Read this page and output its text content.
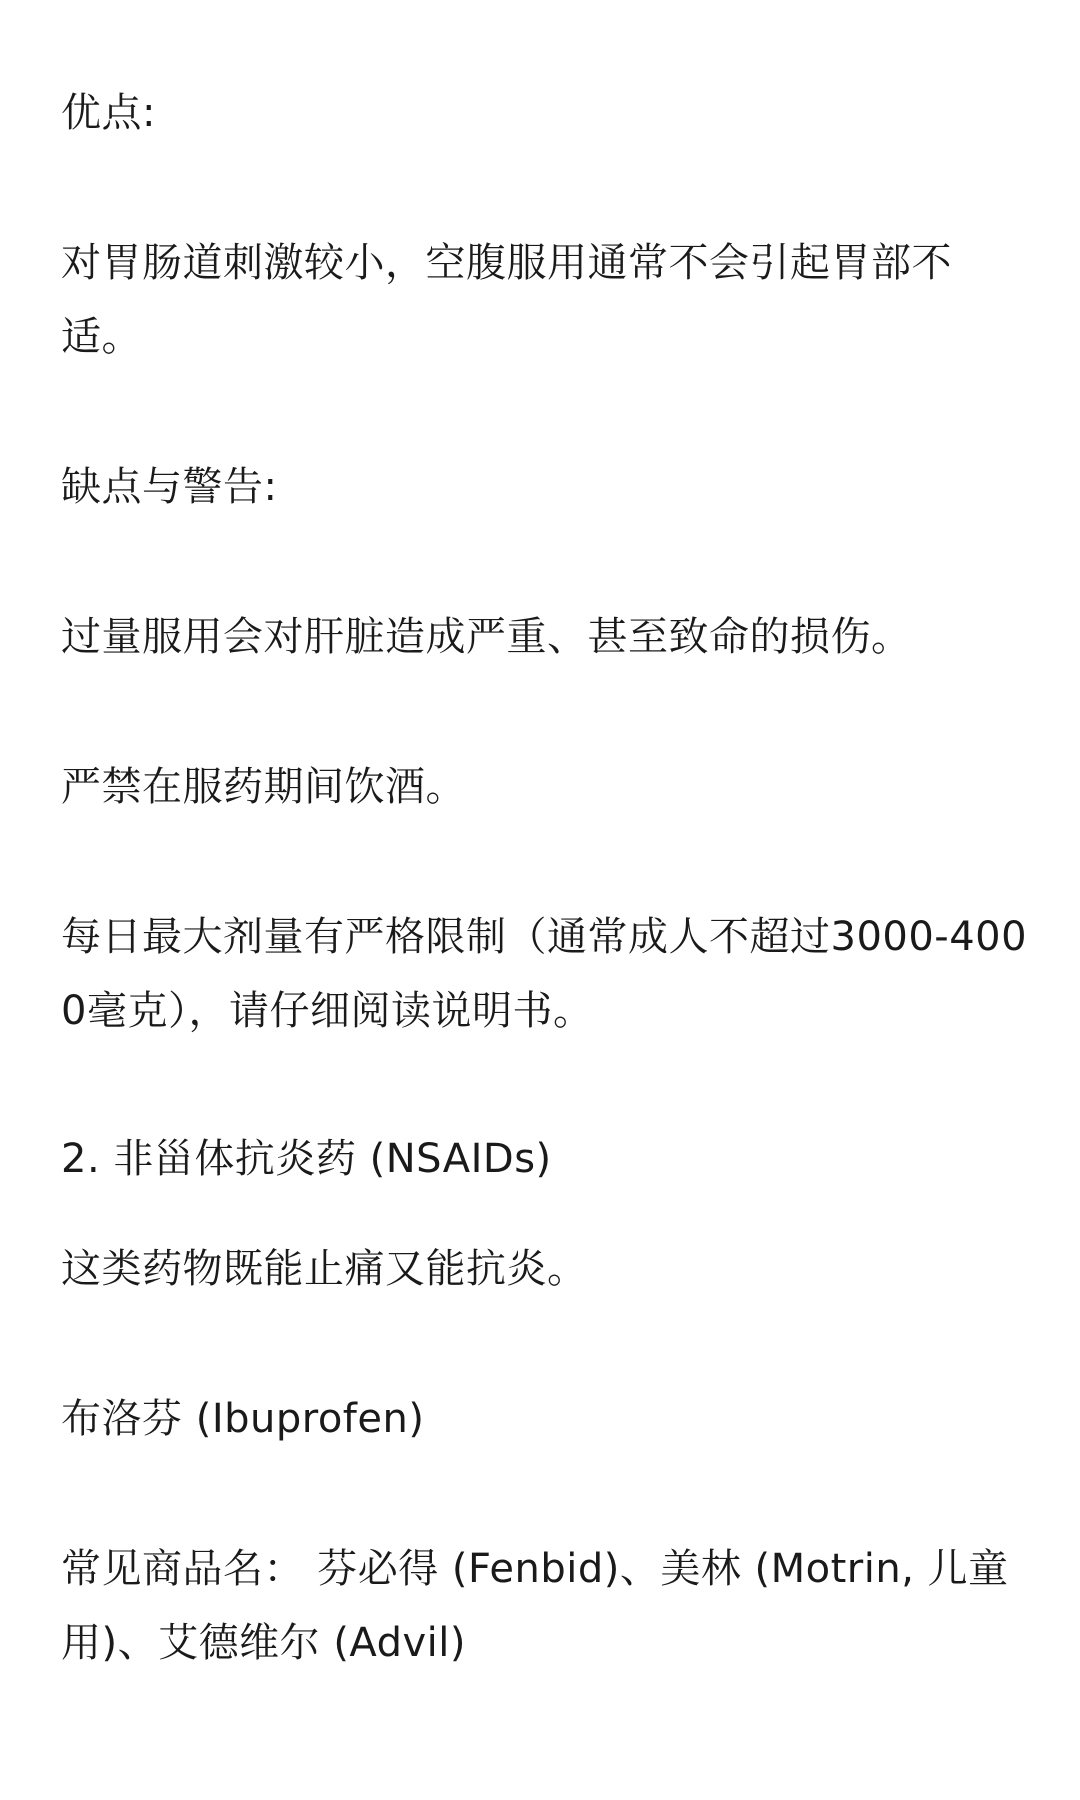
优点:
对胃肠道刺激较小，空腹服用通常不会引起胃部不适。
缺点与警告:
过量服用会对肝脏造成严重、甚至致命的损伤。
严禁在服药期间饮酒。
每日最大剂量有严格限制（通常成人不超过3000-4000毫克），请仔细阅读说明书。
2. 非甾体抗炎药 (NSAIDs)
这类药物既能止痛又能抗炎。
布洛芬 (Ibuprofen)
常见商品名： 芬必得 (Fenbid)、美林 (Motrin, 儿童用)、艾德维尔 (Advil)
